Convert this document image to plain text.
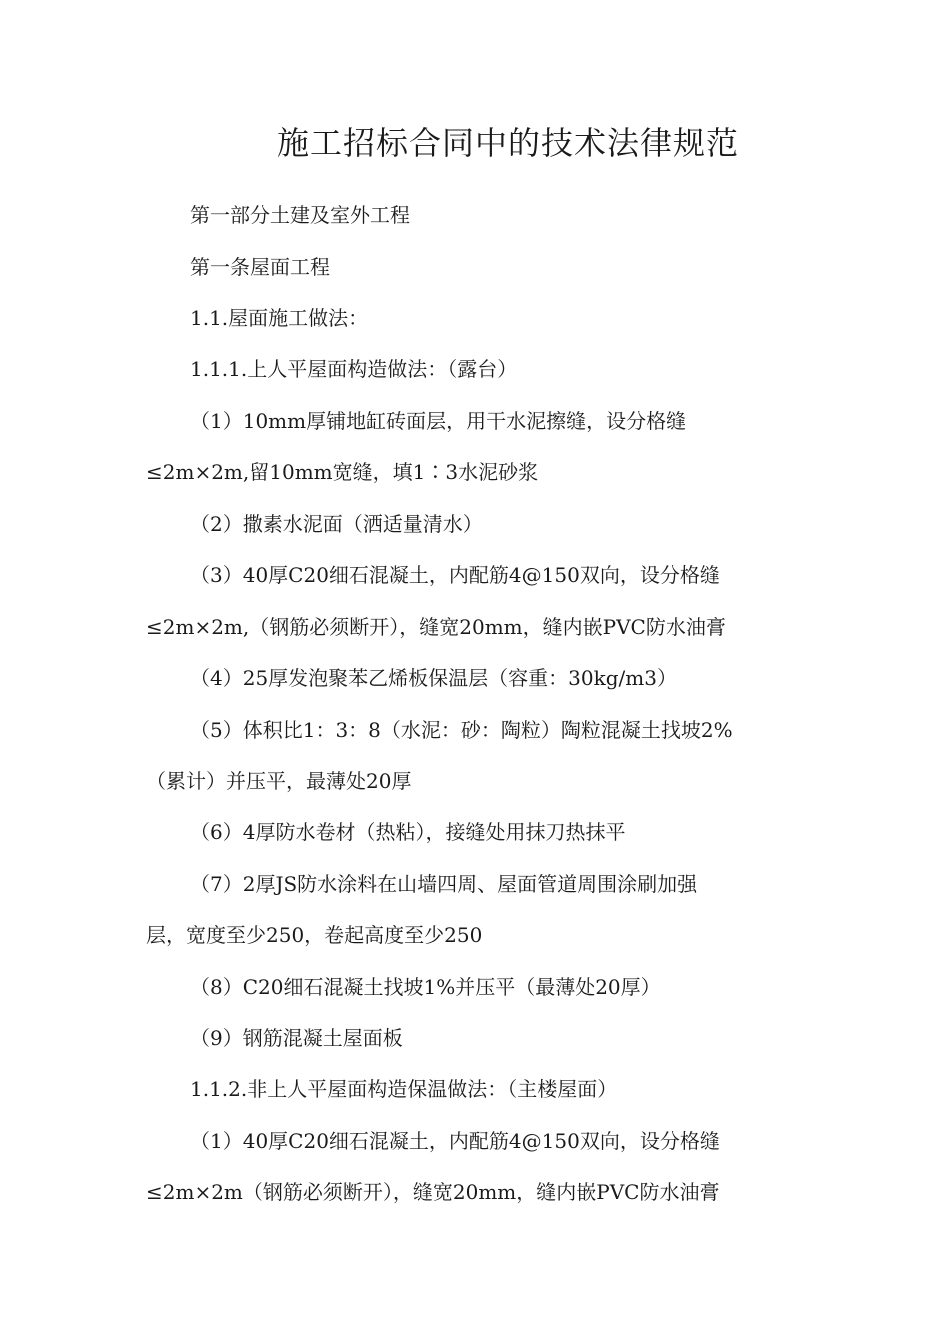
施工招标合同中的技术法律规范
第一部分土建及室外工程
第一条屋面工程
1.1.屋面施工做法：
1.1.1.上人平屋面构造做法：（露台）
（1）10mm厚铺地缸砖面层，用干水泥擦缝，设分格缝
≤2m×2m,留10mm宽缝，填1∶3水泥砂浆
（2）撒素水泥面（洒适量清水）
（3）40厚C20细石混凝土，内配筋4@150双向，设分格缝
≤2m×2m,（钢筋必须断开），缝宽20mm，缝内嵌PVC防水油膏
（4）25厚发泡聚苯乙烯板保温层（容重：30kg/m3）
（5）体积比1：3：8（水泥：砂：陶粒）陶粒混凝土找坡2%
（累计）并压平，最薄处20厚
（6）4厚防水卷材（热粘），接缝处用抹刀热抹平
（7）2厚JS防水涂料在山墙四周、屋面管道周围涂刷加强
层，宽度至少250，卷起高度至少250
（8）C20细石混凝土找坡1%并压平（最薄处20厚）
（9）钢筋混凝土屋面板
1.1.2.非上人平屋面构造保温做法：（主楼屋面）
（1）40厚C20细石混凝土，内配筋4@150双向，设分格缝
≤2m×2m（钢筋必须断开），缝宽20mm，缝内嵌PVC防水油膏
